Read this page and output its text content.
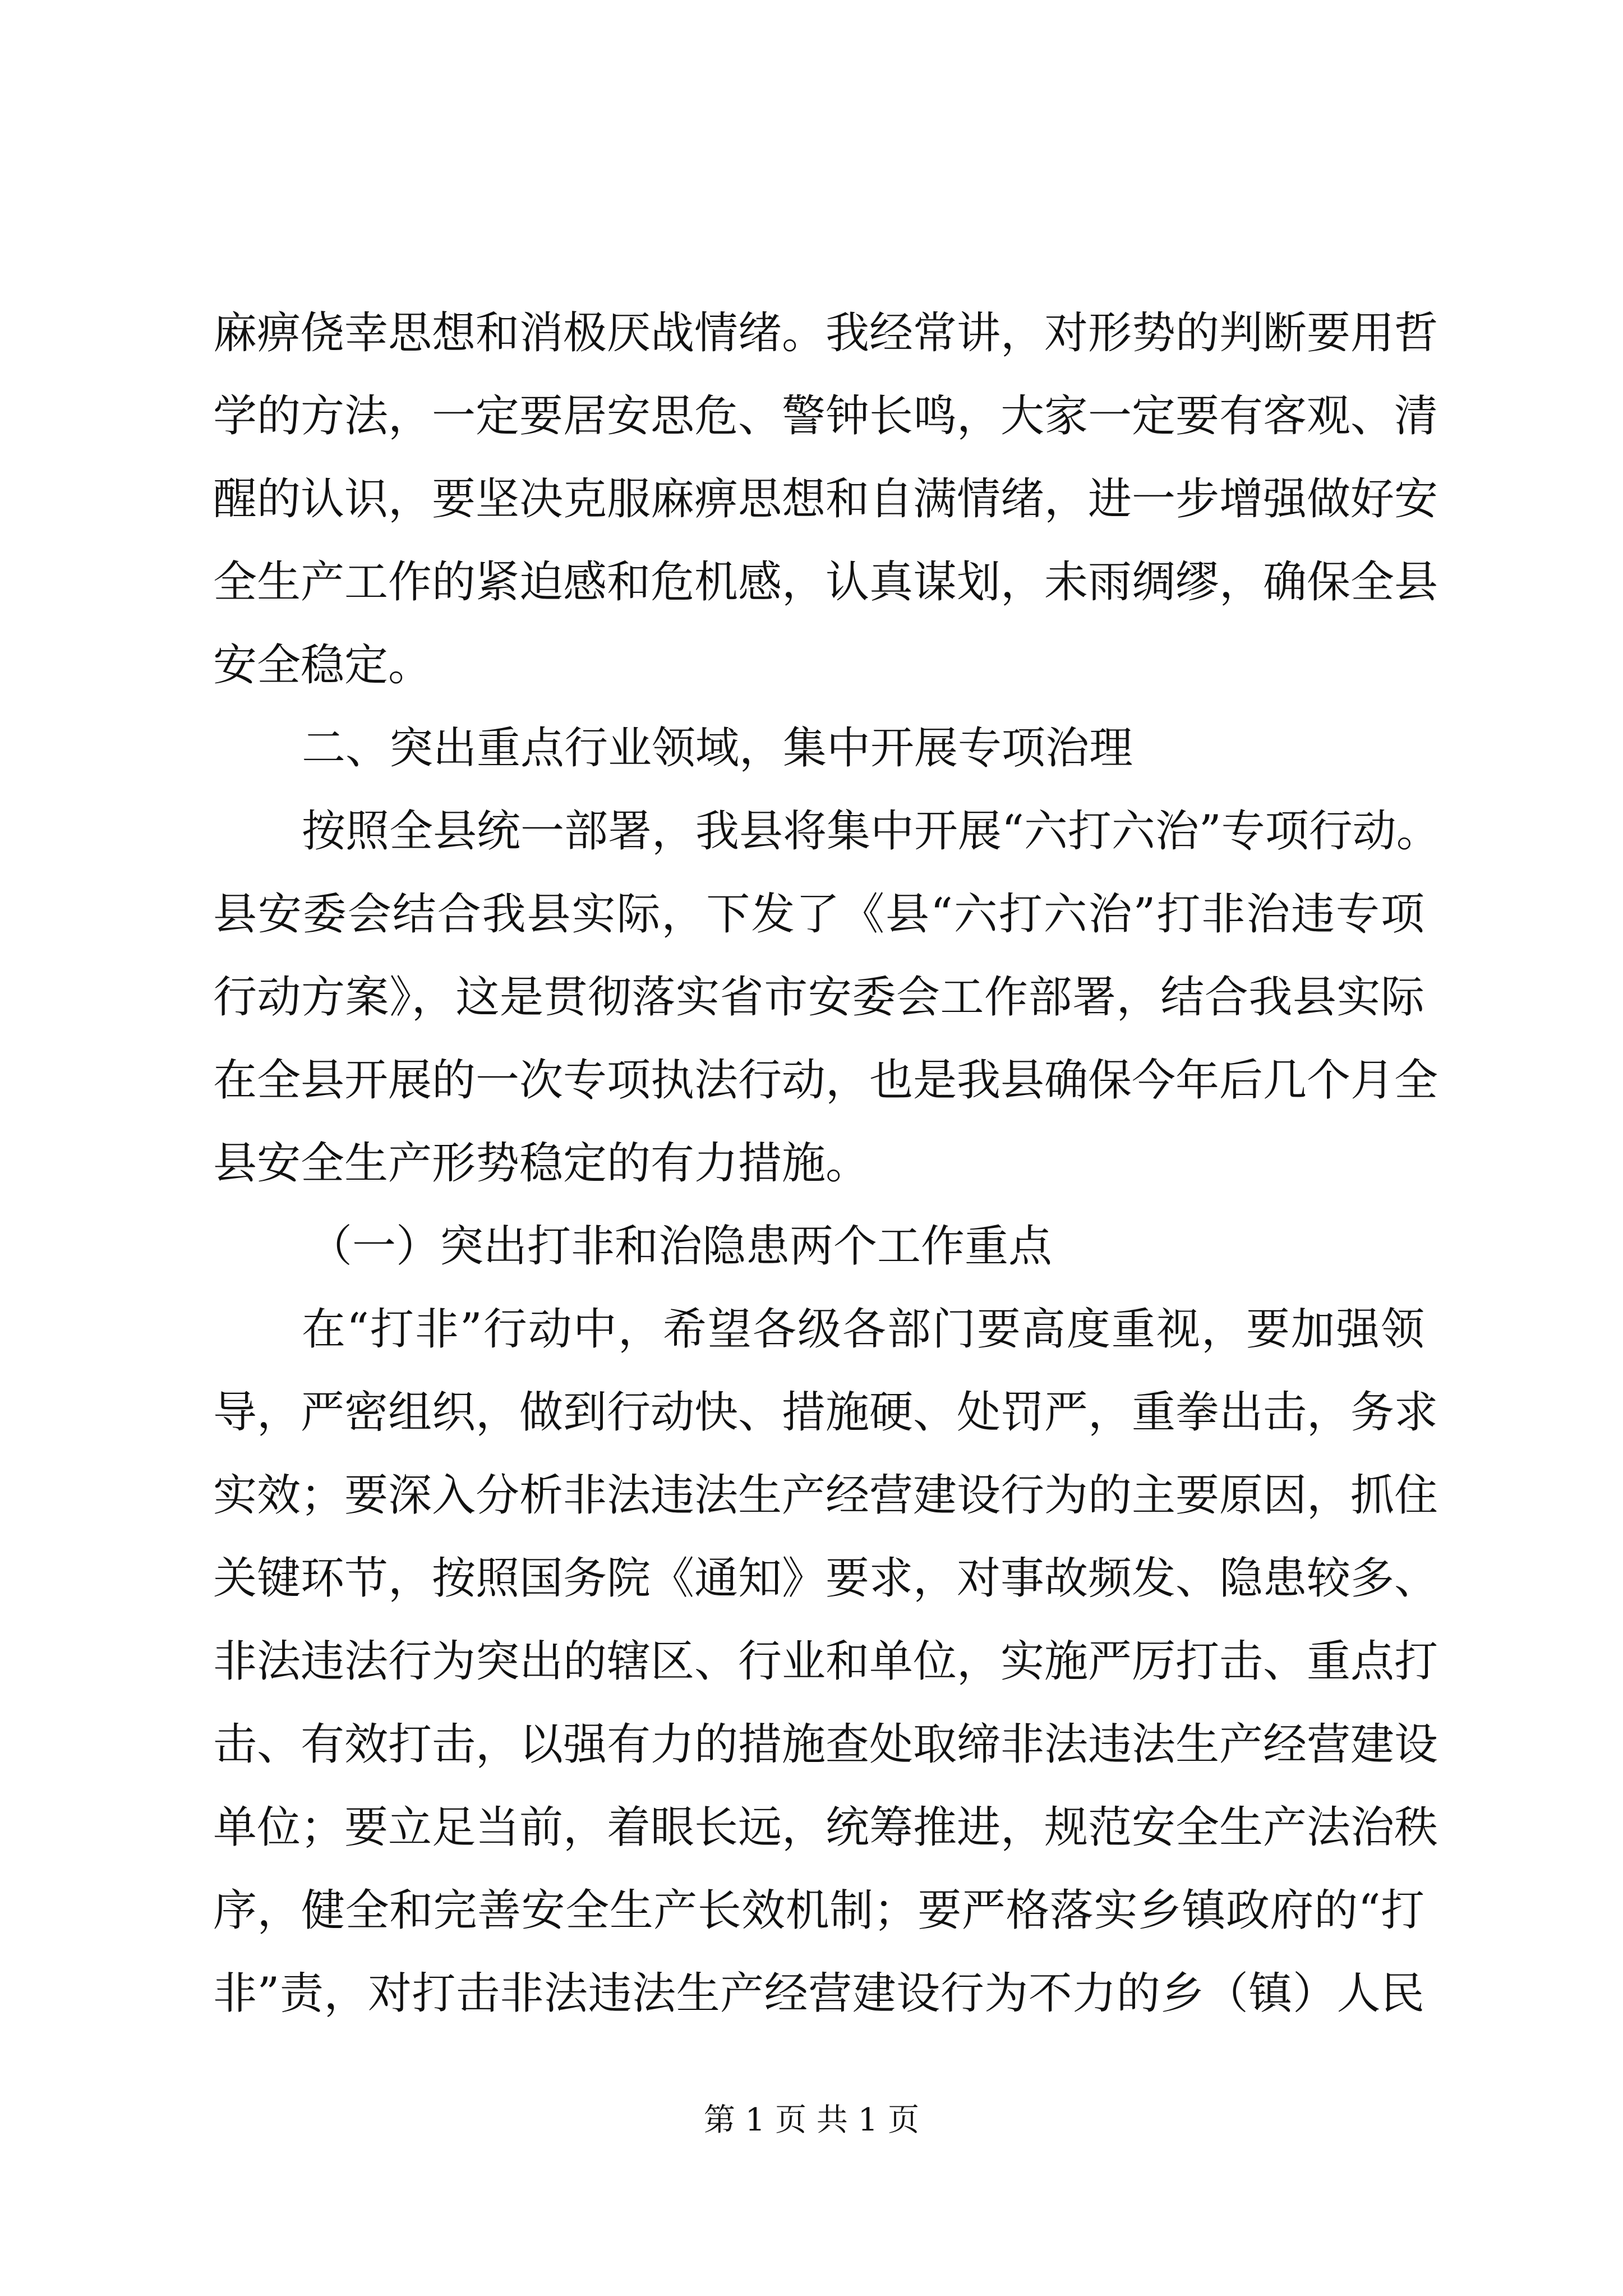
麻痹侥幸思想和消极厌战情绪。我经常讲，对形势的判断要用哲
学的方法，一定要居安思危、警钟长鸣，大家一定要有客观、清
醒的认识，要坚决克服麻痹思想和自满情绪，进一步增强做好安
全生产工作的紧迫感和危机感，认真谋划，未雨绸缪，确保全县
安全稳定。
二、突出重点行业领域，集中开展专项治理
按照全县统一部署，我县将集中开展“六打六治”专项行动。
县安委会结合我县实际，下发了《县“六打六治”打非治违专项
行动方案》，这是贯彻落实省市安委会工作部署，结合我县实际
在全县开展的一次专项执法行动，也是我县确保今年后几个月全
县安全生产形势稳定的有力措施。
（一）突出打非和治隐患两个工作重点
在“打非”行动中，希望各级各部门要高度重视，要加强领
导，严密组织，做到行动快、措施硬、处罚严，重拳出击，务求
实效；要深入分析非法违法生产经营建设行为的主要原因，抓住
关键环节，按照国务院《通知》要求，对事故频发、隐患较多、
非法违法行为突出的辖区、行业和单位，实施严厉打击、重点打
击、有效打击，以强有力的措施查处取缔非法违法生产经营建设
单位；要立足当前，着眼长远，统筹推进，规范安全生产法治秩
序，健全和完善安全生产长效机制；要严格落实乡镇政府的“打
非”责，对打击非法违法生产经营建设行为不力的乡（镇）人民
第 1 页 共 1 页
